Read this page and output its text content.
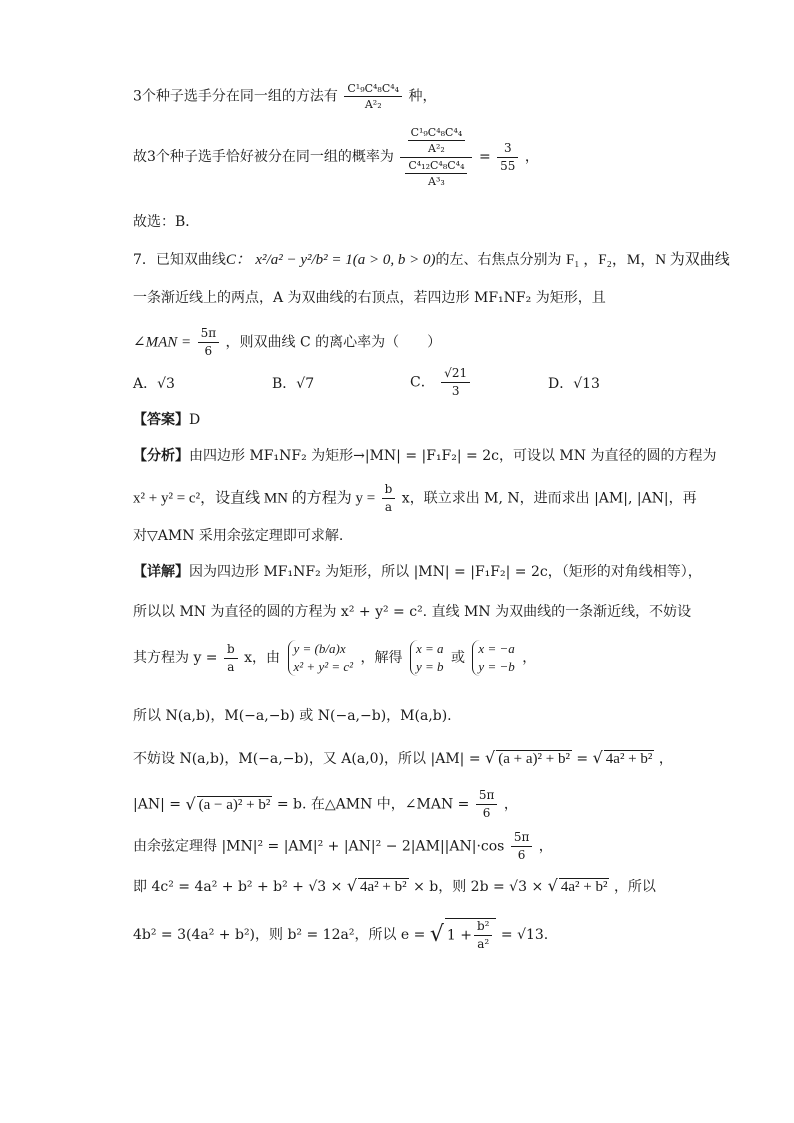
3个种子选手分在同一组的方法有 $\frac{\text{C¹₉C⁴₈C⁴₄}}{\text{A²₂}}$ 种，
故3个种子选手恰好被分在同一组的概率为 $\frac{\frac{\text{C¹₉C⁴₈C⁴₄}}{\text{A²₂}}}{\frac{\text{C⁴₁₂C⁴₈C⁴₄}}{\text{A³₃}}} = \frac{3}{55}$ ，
故选：B．
7．已知双曲线C： x²/a² − y²/b² = 1(a > 0, b > 0)的左、右焦点分别为 F₁ ，F₂，M，N 为双曲线
一条渐近线上的两点，A 为双曲线的右顶点，若四边形 MF₁NF₂ 为矩形，且
∠MAN = $\frac{5\pi}{6}$ ，则双曲线 C 的离心率为（　　）
A．√3	B．√7	C． $\frac{√21}{3}$	D．√13
【答案】D
【分析】由四边形 MF₁NF₂ 为矩形→|MN| = |F₁F₂| = 2c，可设以 MN 为直径的圆的方程为
x² + y² = c²，设直线 MN 的方程为 $y = \frac{b}{a}$ x，联立求出 M, N，进而求出 |AM|, |AN|，再
对▽AMN 采用余弦定理即可求解.
【详解】因为四边形 MF₁NF₂ 为矩形，所以 |MN| = |F₁F₂| = 2c，（矩形的对角线相等），
所以以 MN 为直径的圆的方程为 x² + y² = c². 直线 MN 为双曲线的一条渐近线，不妨设
其方程为 $y = \frac{b}{a}$ x，由
y = (b/a)x
x² + y² = c²
，解得
x = a
y = b
或
x = −a
y = −b
，
所以 N(a,b)，M(−a,−b) 或 N(−a,−b)，M(a,b).
不妨设 N(a,b)，M(−a,−b)，又 A(a,0)，所以 |AM| = √ (a + a)² + b² = √ 4a² + b² ，
|AN| = √ (a − a)² + b² = b. 在△AMN 中，∠MAN = $\frac{5\pi}{6}$ ，
由余弦定理得 $|MN|^2 = |AM|^2 + |AN|^2 - 2|AM||AN|\cdot\cos \frac{5\pi}{6}$ ，
即 4c² = 4a² + b² + b² + √3 × √ 4a² + b² × b，则 2b = √3 × √ 4a² + b² ，所以
4b² = 3(4a² + b²)，则 b² = 12a²，所以 e = √ $1 + \frac{\text{b²}}{\text{a²}} = √13$.
